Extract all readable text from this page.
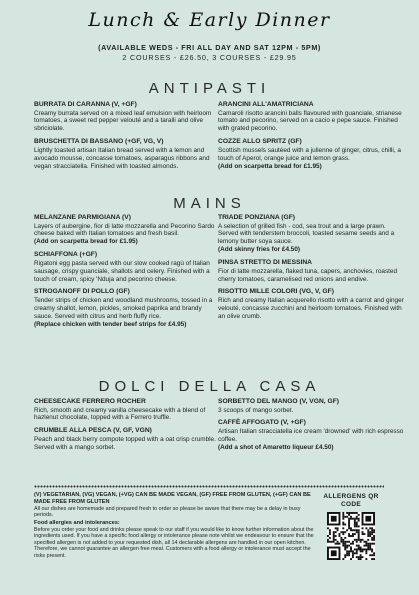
Lunch & Early Dinner
(AVAILABLE WEDS - FRI ALL DAY AND SAT 12PM - 5PM)
2 COURSES - £26.50, 3 COURSES - £29.95
ANTIPASTI
BURRATA DI CARANNA (V, +GF)
Creamy burrata served on a mixed leaf emulsion with heirloom tomatoes, a sweet red pepper velouté and a taralli and olive sbriciolate.
BRUSCHETTA DI BASSANO (+GF, VG, V)
Lightly toasted artisan Italian bread served with a lemon and avocado mousse, concasse tomatoes, asparagus ribbons and vegan stracciatella. Finished with toasted almonds.
ARANCINI ALL'AMATRICIANA
Camaroli risotto arancini balls flavoured with guanciale, strianese tomato and pecorino, served on a cacio e pepe sauce. Finished with grated pecorino.
COZZE ALLO SPRITZ (GF)
Scottish mussels sautéed with a julienne of ginger, citrus, chilli, a touch of Aperol, orange juice and lemon grass.
(Add on scarpetta bread for £1.95)
MAINS
MELANZANE PARMIGIANA (V)
Layers of aubergine, fior di latte mozzarella and Pecorino Sardo cheese baked with Italian tomatoes and fresh basil.
(Add on scarpetta bread for £1.95)
SCHIAFFONA (+GF)
Rigatoni egg pasta served with our slow cooked ragù of Italian sausage, crispy guanciale, shallots and celery. Finished with a touch of cream, spicy 'Nduja and pecorino cheese.
STROGANOFF DI POLLO (GF)
Tender strips of chicken and woodland mushrooms, tossed in a creamy shallot, lemon, pickles, smoked paprika and brandy sauce. Served with citrus and herb fluffy rice.
(Replace chicken with tender beef strips for £4.95)
TRIADE PONZIANA (GF)
A selection of grilled fish - cod, sea trout and a large prawn. Served with tenderstem broccoli, toasted sesame seeds and a lemony butter soya sauce.
(Add skinny fries for £4.50)
PINSA STRETTO DI MESSINA
Fior di latte mozzarella, flaked tuna, capers, anchovies, roasted cherry tomatoes, caramelised red onions and endive.
RISOTTO MILLE COLORI (VG, V, GF)
Rich and creamy Italian acquerello risotto with a carrot and ginger velouté, concasse zucchini and heirloom tomatoes. Finished with an olive crumb.
DOLCI DELLA CASA
CHEESECAKE FERRERO ROCHER
Rich, smooth and creamy vanilla cheesecake with a blend of hazlenut chocolate, topped with a Ferrero truffle.
CRUMBLE ALLA PESCA (V, GF, VGN)
Peach and black berry compote topped with a oat crisp crumble. Served with a mango sorbet.
SORBETTO DEL MANGO (V, VGN, GF)
3 scoops of mango sorbet.
CAFFÈ AFFOGATO (V, +GF)
Artisan Italian stracciatella ice cream 'drowned' with rich espresso coffee.
(Add a shot of Amaretto liqueur £4.50)
(V) VEGETARIAN, (VG) VEGAN, (+VG) CAN BE MADE VEGAN, (GF) FREE FROM GLUTEN, (+GF) CAN BE MADE FREE FROM GLUTEN
All our dishes are homemade and prepared fresh to order so please be aware that there may be a delay in busy periods.
Food allergies and intolerances:
Before you order your food and drinks please speak to our staff if you would like to know further information about the ingredients used. If you have a specific food allergy or intolerance please note whilst we endeavour to ensure that the specified allergen is not added to your requested dish, all 14 declarable allergens are handled in our open kitchen. Therefore, we cannot guarantee an allergen free meal. Customers with a food allergy or intolerance must accept the risks present.
ALLERGENS QR CODE
